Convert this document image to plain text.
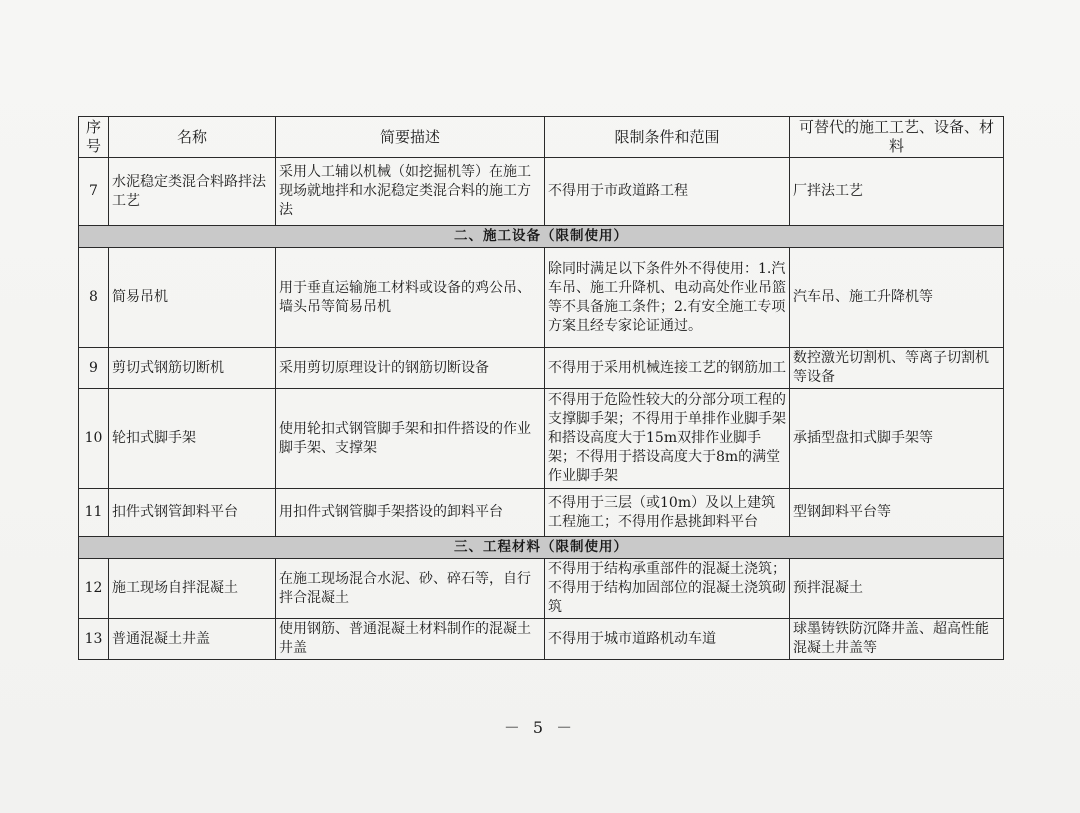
序号	名称	简要描述	限制条件和范围	可替代的施工工艺、设备、材料
7	水泥稳定类混合料路拌法工艺	采用人工辅以机械（如挖掘机等）在施工现场就地拌和水泥稳定类混合料的施工方法	不得用于市政道路工程	厂拌法工艺
二、施工设备（限制使用）				
8	简易吊机	用于垂直运输施工材料或设备的鸡公吊、墙头吊等简易吊机	除同时满足以下条件外不得使用：1.汽车吊、施工升降机、电动高处作业吊篮等不具备施工条件；2.有安全施工专项方案且经专家论证通过。	汽车吊、施工升降机等
9	剪切式钢筋切断机	采用剪切原理设计的钢筋切断设备	不得用于采用机械连接工艺的钢筋加工	数控激光切割机、等离子切割机等设备
10	轮扣式脚手架	使用轮扣式钢管脚手架和扣件搭设的作业脚手架、支撑架	不得用于危险性较大的分部分项工程的支撑脚手架；不得用于单排作业脚手架和搭设高度大于15m双排作业脚手架；不得用于搭设高度大于8m的满堂作业脚手架	承插型盘扣式脚手架等
11	扣件式钢管卸料平台	用扣件式钢管脚手架搭设的卸料平台	不得用于三层（或10m）及以上建筑工程施工；不得用作悬挑卸料平台	型钢卸料平台等
三、工程材料（限制使用）				
12	施工现场自拌混凝土	在施工现场混合水泥、砂、碎石等，自行拌合混凝土	不得用于结构承重部件的混凝土浇筑；不得用于结构加固部位的混凝土浇筑砌筑	预拌混凝土
13	普通混凝土井盖	使用钢筋、普通混凝土材料制作的混凝土井盖	不得用于城市道路机动车道	球墨铸铁防沉降井盖、超高性能混凝土井盖等
－ 5 －
